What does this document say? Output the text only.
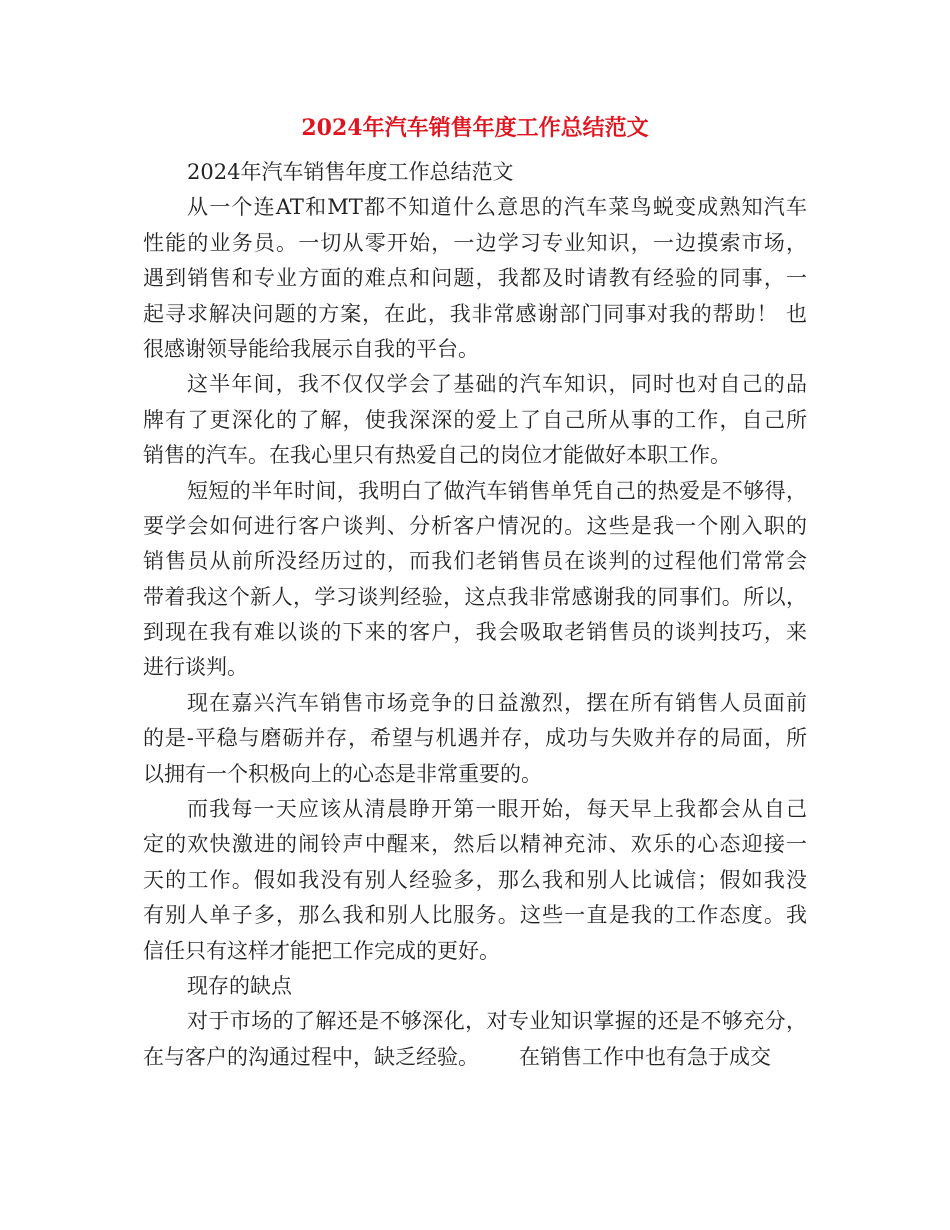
2024年汽车销售年度工作总结范文
2024年汽车销售年度工作总结范文
从一个连AT和MT都不知道什么意思的汽车菜鸟蜕变成熟知汽车
性能的业务员。一切从零开始，一边学习专业知识，一边摸索市场，
遇到销售和专业方面的难点和问题，我都及时请教有经验的同事，一
起寻求解决问题的方案，在此，我非常感谢部门同事对我的帮助！ 也
很感谢领导能给我展示自我的平台。
这半年间，我不仅仅学会了基础的汽车知识，同时也对自己的品
牌有了更深化的了解，使我深深的爱上了自己所从事的工作，自己所
销售的汽车。在我心里只有热爱自己的岗位才能做好本职工作。
短短的半年时间，我明白了做汽车销售单凭自己的热爱是不够得，
要学会如何进行客户谈判、分析客户情况的。这些是我一个刚入职的
销售员从前所没经历过的，而我们老销售员在谈判的过程他们常常会
带着我这个新人，学习谈判经验，这点我非常感谢我的同事们。所以，
到现在我有难以谈的下来的客户，我会吸取老销售员的谈判技巧，来
进行谈判。
现在嘉兴汽车销售市场竞争的日益激烈，摆在所有销售人员面前
的是-平稳与磨砺并存，希望与机遇并存，成功与失败并存的局面，所
以拥有一个积极向上的心态是非常重要的。
而我每一天应该从清晨睁开第一眼开始，每天早上我都会从自己
定的欢快激进的闹铃声中醒来，然后以精神充沛、欢乐的心态迎接一
天的工作。假如我没有别人经验多，那么我和别人比诚信；假如我没
有别人单子多，那么我和别人比服务。这些一直是我的工作态度。我
信任只有这样才能把工作完成的更好。
现存的缺点
对于市场的了解还是不够深化，对专业知识掌握的还是不够充分，
在与客户的沟通过程中，缺乏经验。      在销售工作中也有急于成交
